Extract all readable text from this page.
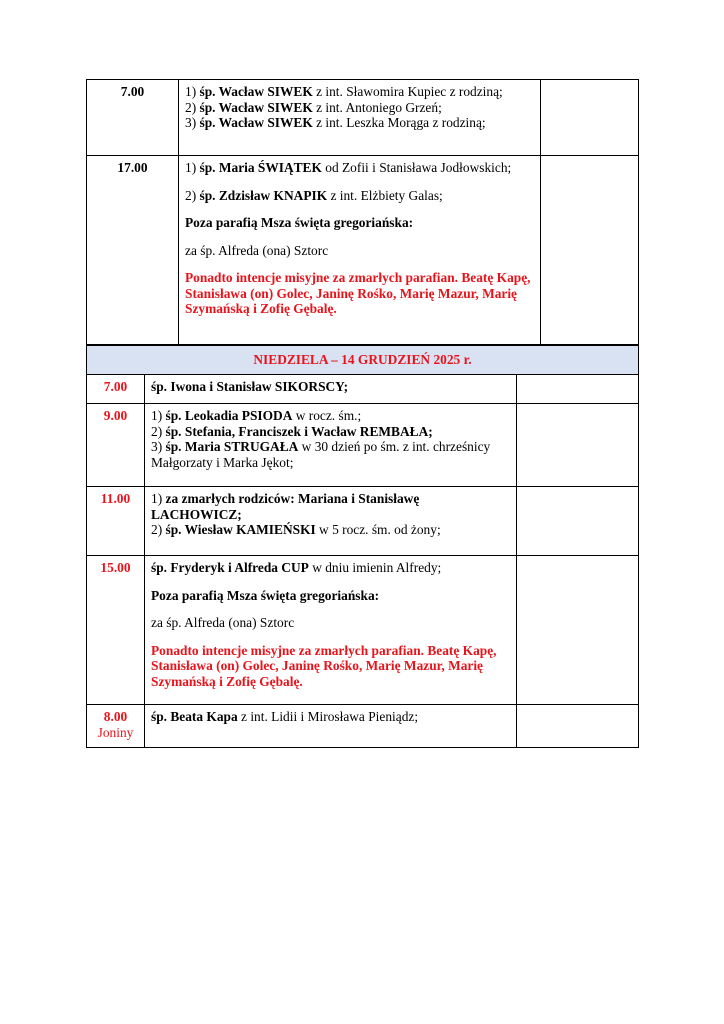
7.00	1) śp. Wacław SIWEK z int. Sławomira Kupiec z rodziną;
2) śp. Wacław SIWEK z int. Antoniego Grzeń;
3) śp. Wacław SIWEK z int. Leszka Morąga z rodziną;	

17.00	1) śp. Maria ŚWIĄTEK od Zofii i Stanisława Jodłowskich;

2) śp. Zdzisław KNAPIK z int. Elżbiety Galas;

Poza parafią Msza święta gregoriańska:

za śp. Alfreda (ona) Sztorc

Ponadto intencje misyjne za zmarłych parafian. Beatę Kapę, Stanisława (on) Golec, Janinę Rośko, Marię Mazur, Marię Szymańską i Zofię Gębalę.	

NIEDZIELA – 14 GRUDZIEŃ 2025 r.		
7.00	śp. Iwona i Stanisław SIKORSCY;	
9.00	1) śp. Leokadia PSIODA w rocz. śm.;
2) śp. Stefania, Franciszek i Wacław REMBAŁA;
3) śp. Maria STRUGAŁA w 30 dzień po śm. z int. chrześnicy Małgorzaty i Marka Jękot;	

11.00	1) za zmarłych rodziców: Mariana i Stanisławę LACHOWICZ;
2) śp. Wiesław KAMIEŃSKI w 5 rocz. śm. od żony;	

15.00	śp. Fryderyk i Alfreda CUP w dniu imienin Alfredy;

Poza parafią Msza święta gregoriańska:

za śp. Alfreda (ona) Sztorc

Ponadto intencje misyjne za zmarłych parafian. Beatę Kapę, Stanisława (on) Golec, Janinę Rośko, Marię Mazur, Marię Szymańską i Zofię Gębalę.	

8.00
Joniny	śp. Beata Kapa z int. Lidii i Mirosława Pieniądz;	
